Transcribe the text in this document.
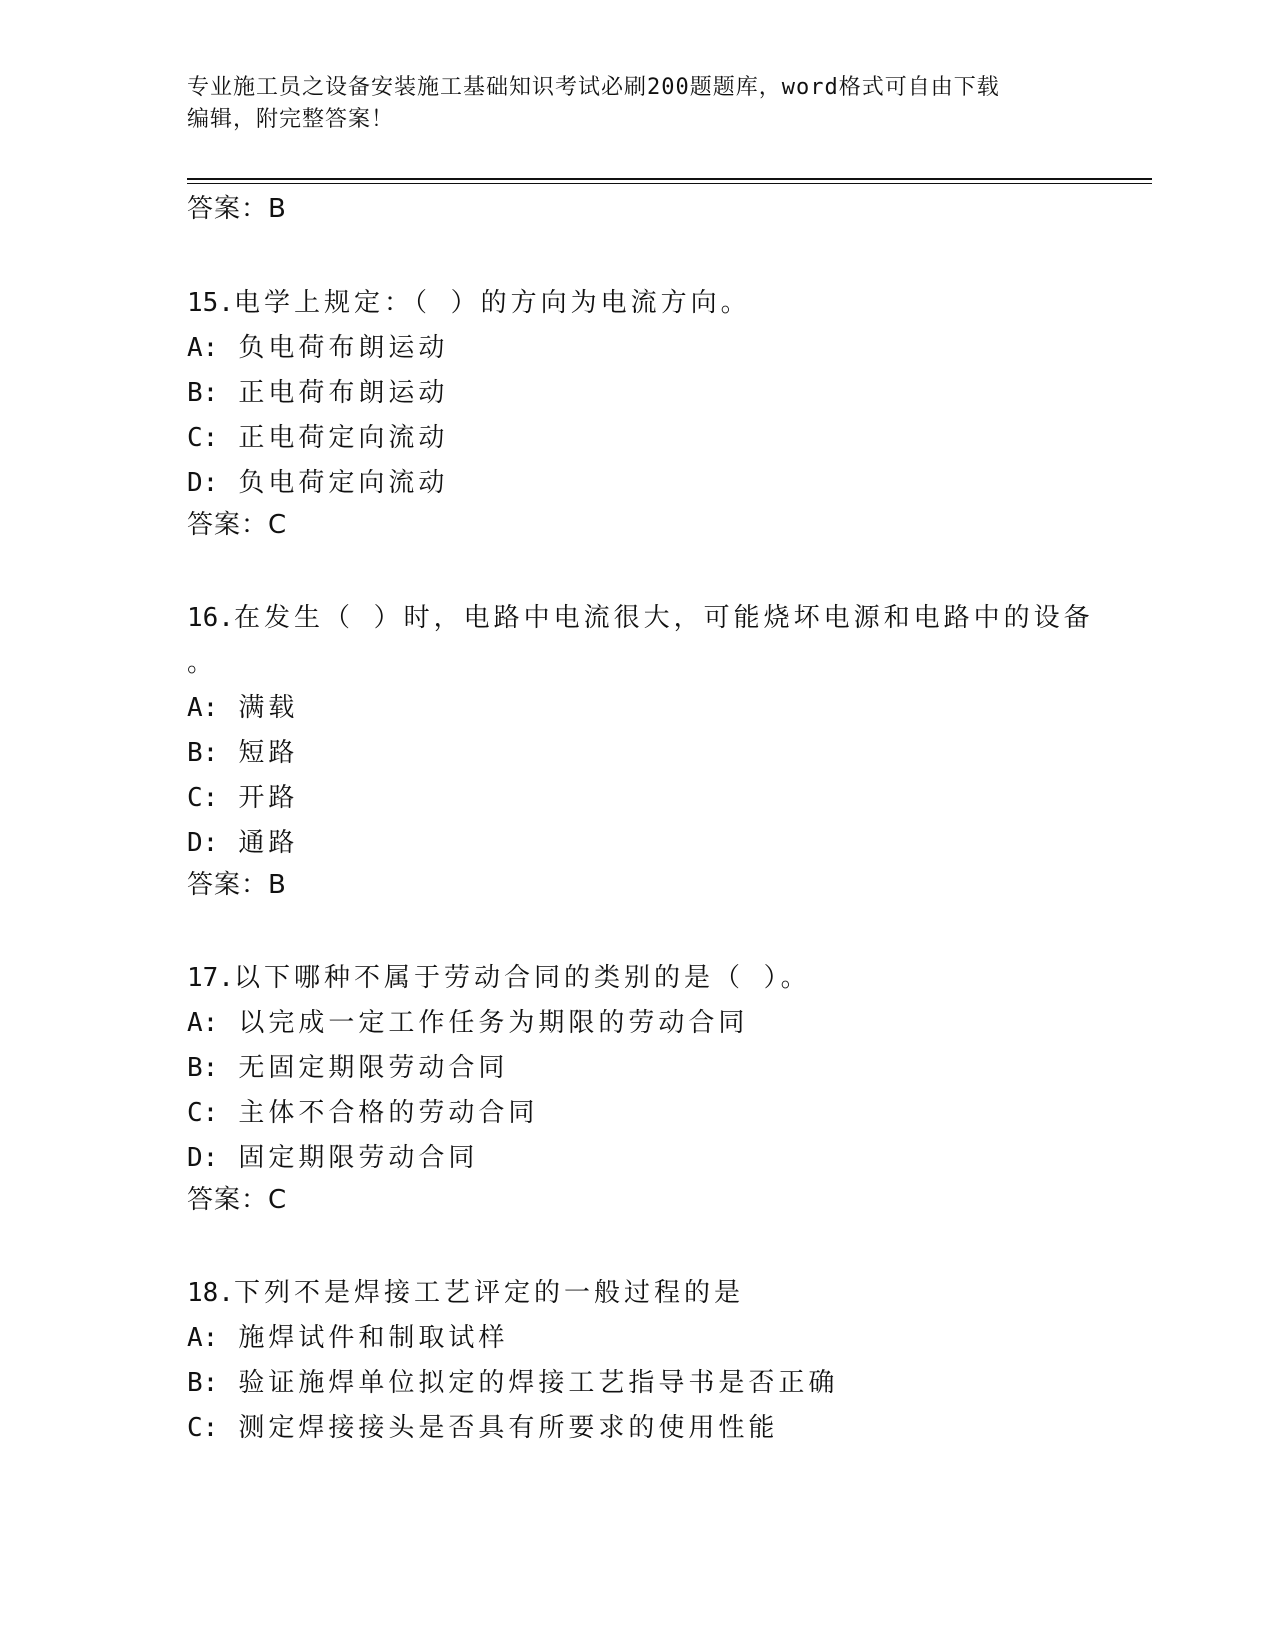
专业施工员之设备安装施工基础知识考试必刷200题题库，word格式可自由下载
编辑，附完整答案！
答案：B
15.电学上规定：（ ）的方向为电流方向。
A: 负电荷布朗运动
B: 正电荷布朗运动
C: 正电荷定向流动
D: 负电荷定向流动
答案：C
16.在发生（ ）时，电路中电流很大，可能烧坏电源和电路中的设备
。
A: 满载
B: 短路
C: 开路
D: 通路
答案：B
17.以下哪种不属于劳动合同的类别的是（ ）。
A: 以完成一定工作任务为期限的劳动合同
B: 无固定期限劳动合同
C: 主体不合格的劳动合同
D: 固定期限劳动合同
答案：C
18.下列不是焊接工艺评定的一般过程的是
A: 施焊试件和制取试样
B: 验证施焊单位拟定的焊接工艺指导书是否正确
C: 测定焊接接头是否具有所要求的使用性能
